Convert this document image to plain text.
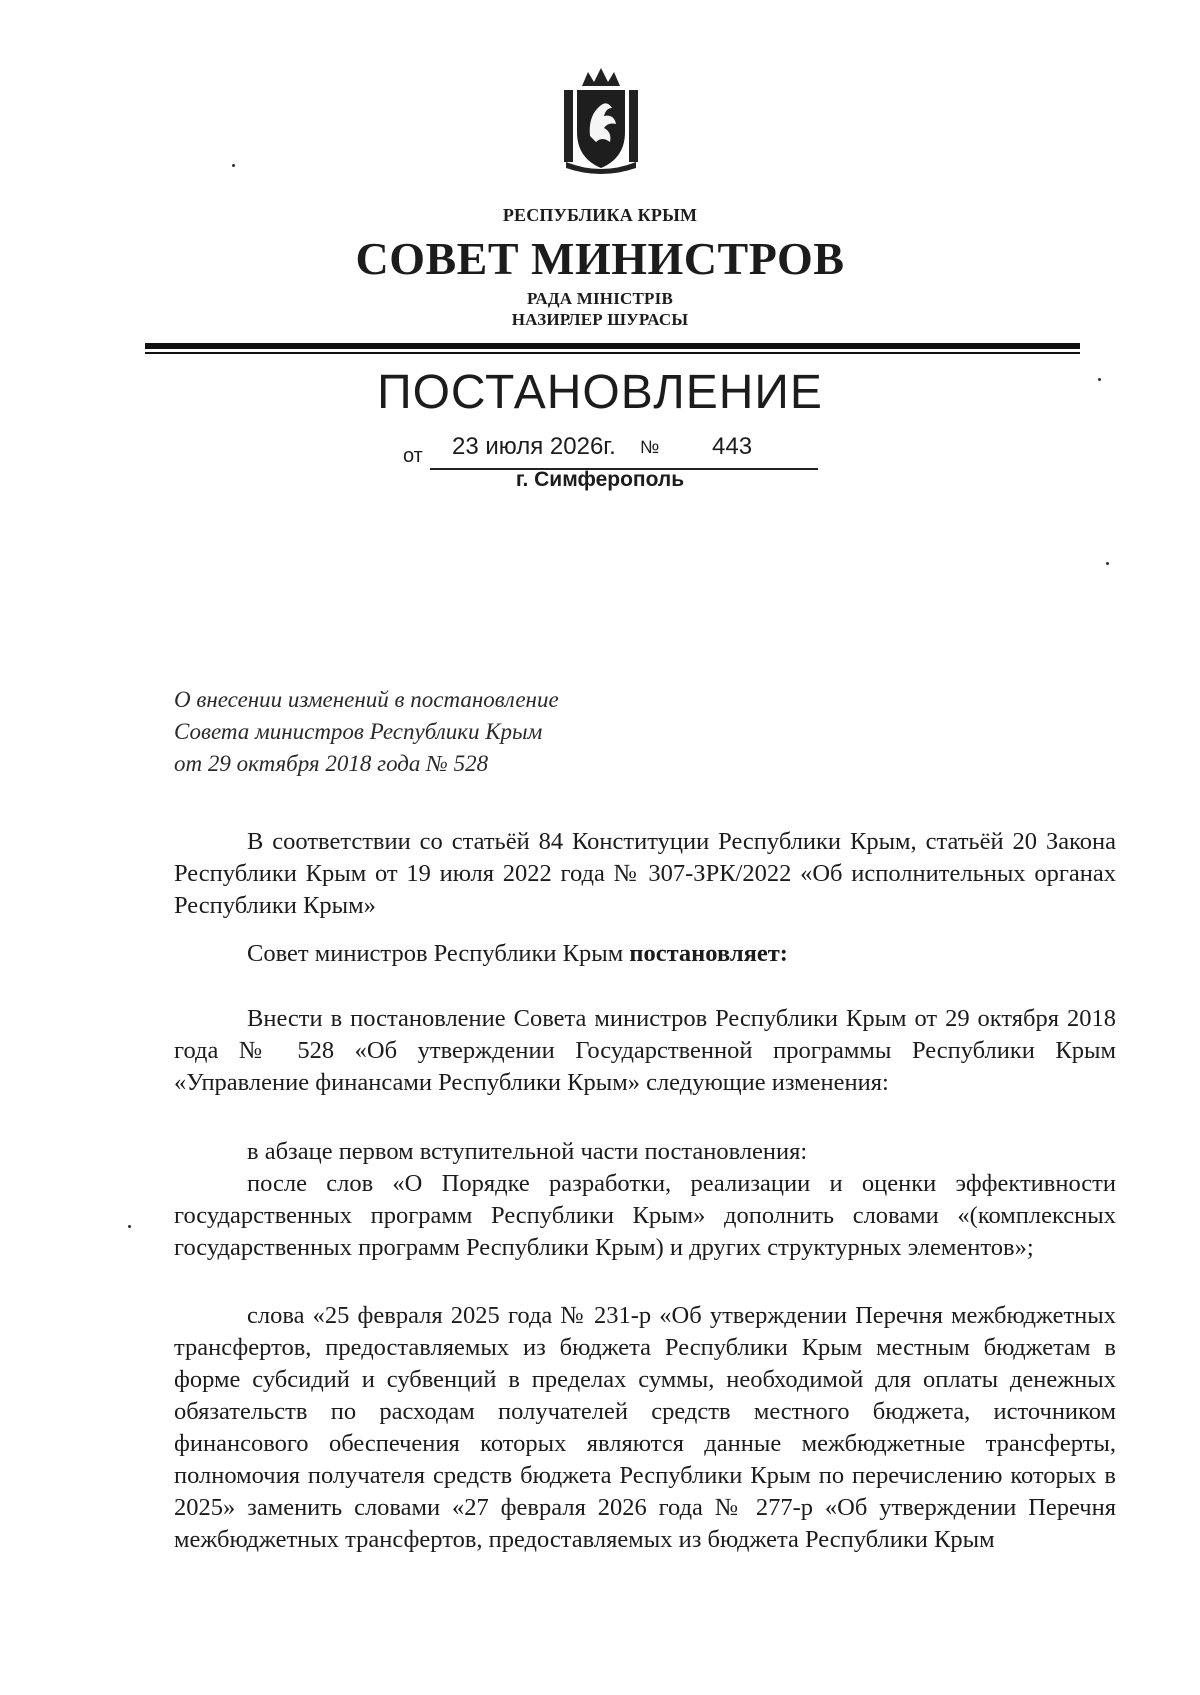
РЕСПУБЛИКА КРЫМ
СОВЕТ МИНИСТРОВ
РАДА МІНІСТРІВ
НАЗИРЛЕР ШУРАСЫ
ПОСТАНОВЛЕНИЕ
от 23 июля 2026г. № 443
г. Симферополь
О внесении изменений в постановление
Совета министров Республики Крым
от 29 октября 2018 года № 528
В соответствии со статьёй 84 Конституции Республики Крым, статьёй 20 Закона Республики Крым от 19 июля 2022 года № 307-ЗРК/2022 «Об исполнительных органах Республики Крым»
Совет министров Республики Крым постановляет:
Внести в постановление Совета министров Республики Крым от 29 октября 2018 года № 528 «Об утверждении Государственной программы Республики Крым «Управление финансами Республики Крым» следующие изменения:
в абзаце первом вступительной части постановления:
после слов «О Порядке разработки, реализации и оценки эффективности государственных программ Республики Крым» дополнить словами «(комплексных государственных программ Республики Крым) и других структурных элементов»;
слова «25 февраля 2025 года № 231-р «Об утверждении Перечня межбюджетных трансфертов, предоставляемых из бюджета Республики Крым местным бюджетам в форме субсидий и субвенций в пределах суммы, необходимой для оплаты денежных обязательств по расходам получателей средств местного бюджета, источником финансового обеспечения которых являются данные межбюджетные трансферты, полномочия получателя средств бюджета Республики Крым по перечислению которых в 2025» заменить словами «27 февраля 2026 года № 277-р «Об утверждении Перечня межбюджетных трансфертов, предоставляемых из бюджета Республики Крым
